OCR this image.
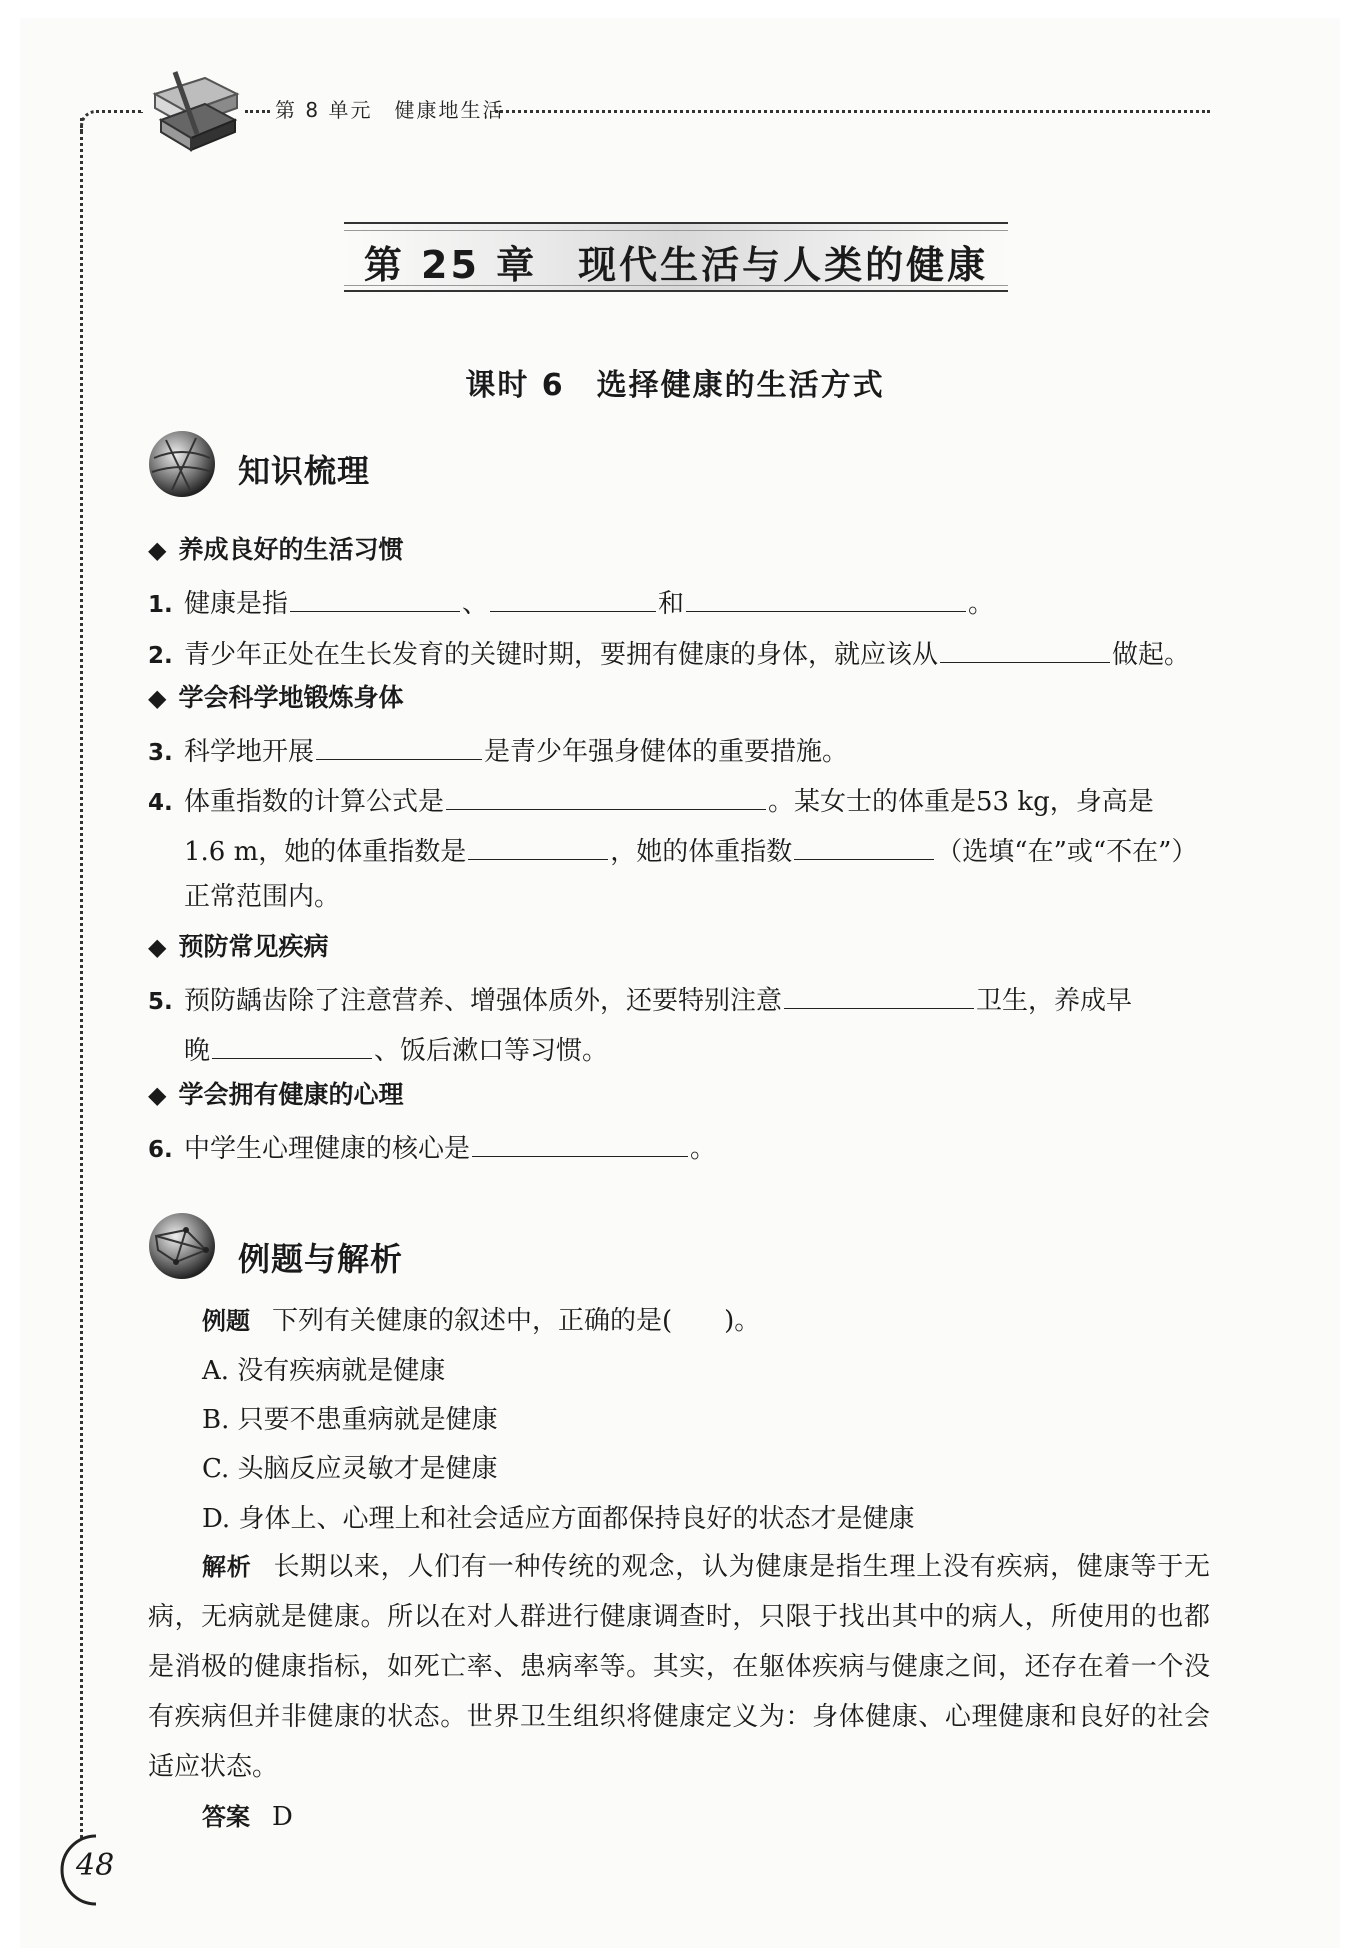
第 8 单元　健康地生活
第 25 章　现代生活与人类的健康
课时 6　选择健康的生活方式
知识梳理
◆ 养成良好的生活习惯
1. 健康是指	、	和	。
2. 青少年正处在生长发育的关键时期，要拥有健康的身体，就应该从	做起。
◆ 学会科学地锻炼身体
3. 科学地开展	是青少年强身健体的重要措施。
4. 体重指数的计算公式是	。某女士的体重是53 kg，身高是
1.6 m，她的体重指数是	，她的体重指数	（选填“在”或“不在”）
正常范围内。
◆ 预防常见疾病
5. 预防龋齿除了注意营养、增强体质外，还要特别注意	卫生，养成早
晚	、饭后漱口等习惯。
◆ 学会拥有健康的心理
6. 中学生心理健康的核心是	。
例题与解析
例题 下列有关健康的叙述中，正确的是(　　)。
A. 没有疾病就是健康
B. 只要不患重病就是健康
C. 头脑反应灵敏才是健康
D. 身体上、心理上和社会适应方面都保持良好的状态才是健康
解析 长期以来，人们有一种传统的观念，认为健康是指生理上没有疾病，健康等于无病，无病就是健康。所以在对人群进行健康调查时，只限于找出其中的病人，所使用的也都是消极的健康指标，如死亡率、患病率等。其实，在躯体疾病与健康之间，还存在着一个没有疾病但并非健康的状态。世界卫生组织将健康定义为：身体健康、心理健康和良好的社会适应状态。
答案 D
48
